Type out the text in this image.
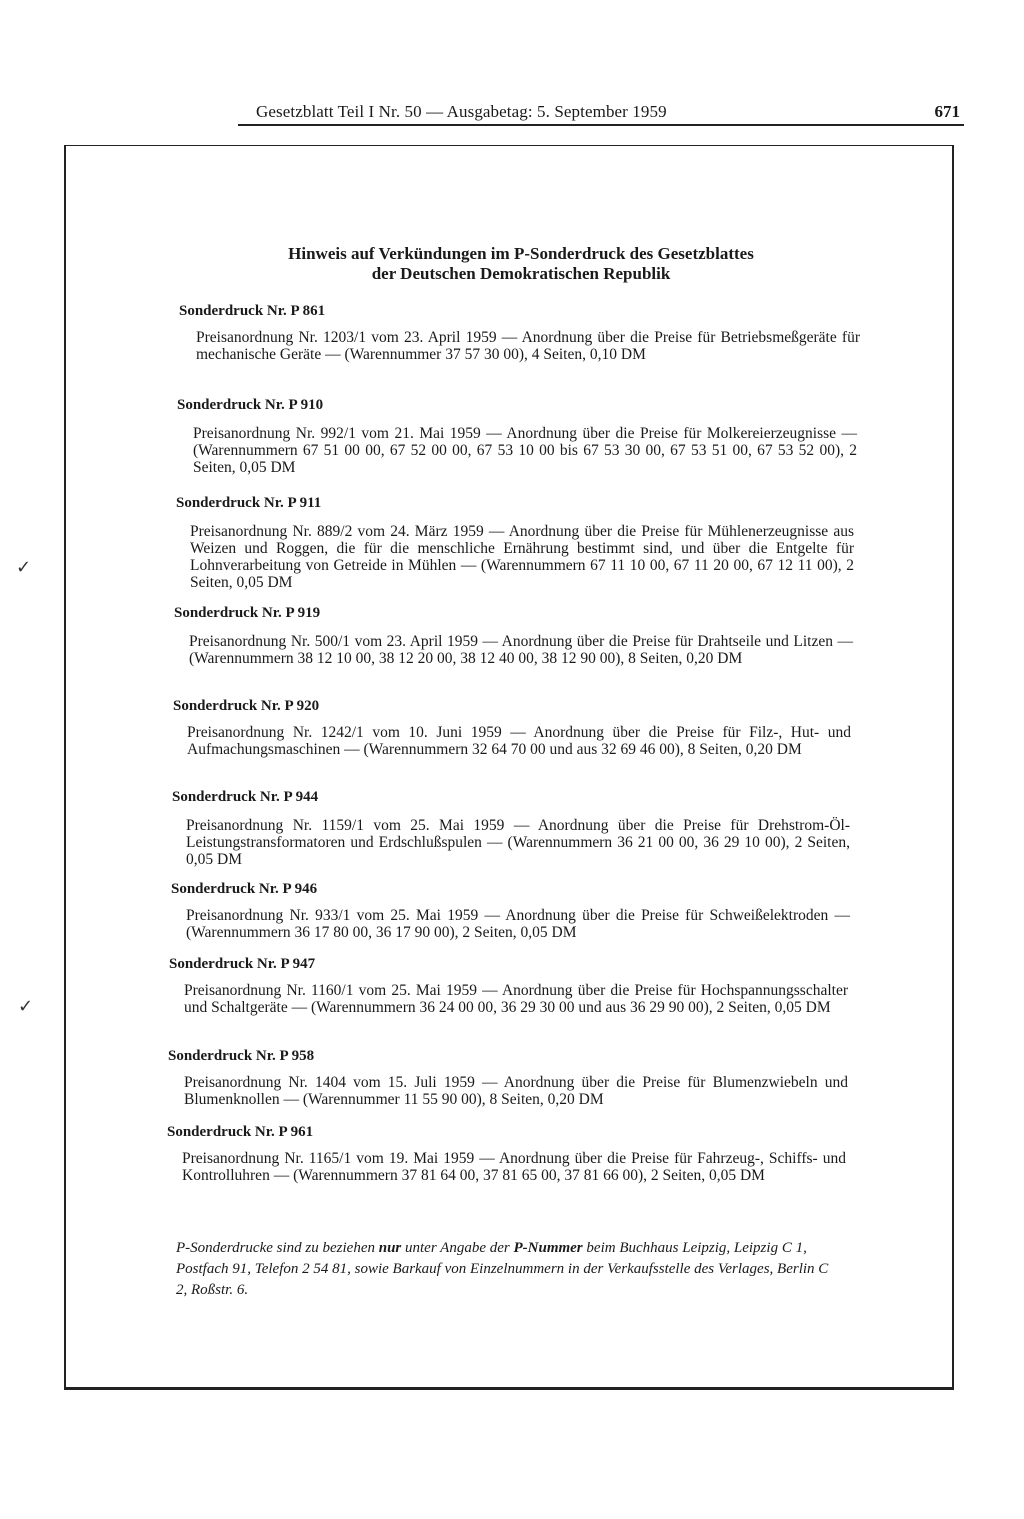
Gesetzblatt Teil I Nr. 50 — Ausgabetag: 5. September 1959	671
✓
✓
Hinweis auf Verkündungen im P-Sonderdruck des Gesetzblattes
der Deutschen Demokratischen Republik
Sonderdruck Nr. P 861
Preisanordnung Nr. 1203/1 vom 23. April 1959 — Anordnung über die Preise für Betriebsmeßgeräte für mechanische Geräte — (Warennummer 37 57 30 00), 4 Seiten, 0,10 DM
Sonderdruck Nr. P 910
Preisanordnung Nr. 992/1 vom 21. Mai 1959 — Anordnung über die Preise für Molkereierzeugnisse — (Warennummern 67 51 00 00, 67 52 00 00, 67 53 10 00 bis 67 53 30 00, 67 53 51 00, 67 53 52 00), 2 Seiten, 0,05 DM
Sonderdruck Nr. P 911
Preisanordnung Nr. 889/2 vom 24. März 1959 — Anordnung über die Preise für Mühlenerzeugnisse aus Weizen und Roggen, die für die menschliche Ernährung bestimmt sind, und über die Entgelte für Lohnverarbeitung von Getreide in Mühlen — (Warennummern 67 11 10 00, 67 11 20 00, 67 12 11 00), 2 Seiten, 0,05 DM
Sonderdruck Nr. P 919
Preisanordnung Nr. 500/1 vom 23. April 1959 — Anordnung über die Preise für Drahtseile und Litzen — (Warennummern 38 12 10 00, 38 12 20 00, 38 12 40 00, 38 12 90 00), 8 Seiten, 0,20 DM
Sonderdruck Nr. P 920
Preisanordnung Nr. 1242/1 vom 10. Juni 1959 — Anordnung über die Preise für Filz-, Hut- und Aufmachungsmaschinen — (Warennummern 32 64 70 00 und aus 32 69 46 00), 8 Seiten, 0,20 DM
Sonderdruck Nr. P 944
Preisanordnung Nr. 1159/1 vom 25. Mai 1959 — Anordnung über die Preise für Drehstrom-Öl-Leistungstransformatoren und Erdschlußspulen — (Warennummern 36 21 00 00, 36 29 10 00), 2 Seiten, 0,05 DM
Sonderdruck Nr. P 946
Preisanordnung Nr. 933/1 vom 25. Mai 1959 — Anordnung über die Preise für Schweißelektroden — (Warennummern 36 17 80 00, 36 17 90 00), 2 Seiten, 0,05 DM
Sonderdruck Nr. P 947
Preisanordnung Nr. 1160/1 vom 25. Mai 1959 — Anordnung über die Preise für Hochspannungsschalter und Schaltgeräte — (Warennummern 36 24 00 00, 36 29 30 00 und aus 36 29 90 00), 2 Seiten, 0,05 DM
Sonderdruck Nr. P 958
Preisanordnung Nr. 1404 vom 15. Juli 1959 — Anordnung über die Preise für Blumenzwiebeln und Blumenknollen — (Warennummer 11 55 90 00), 8 Seiten, 0,20 DM
Sonderdruck Nr. P 961
Preisanordnung Nr. 1165/1 vom 19. Mai 1959 — Anordnung über die Preise für Fahrzeug-, Schiffs- und Kontrolluhren — (Warennummern 37 81 64 00, 37 81 65 00, 37 81 66 00), 2 Seiten, 0,05 DM
P-Sonderdrucke sind zu beziehen nur unter Angabe der P-Nummer beim Buchhaus Leipzig, Leipzig C 1, Postfach 91, Telefon 2 54 81, sowie Barkauf von Einzelnummern in der Verkaufsstelle des Verlages, Berlin C 2, Roßstr. 6.
